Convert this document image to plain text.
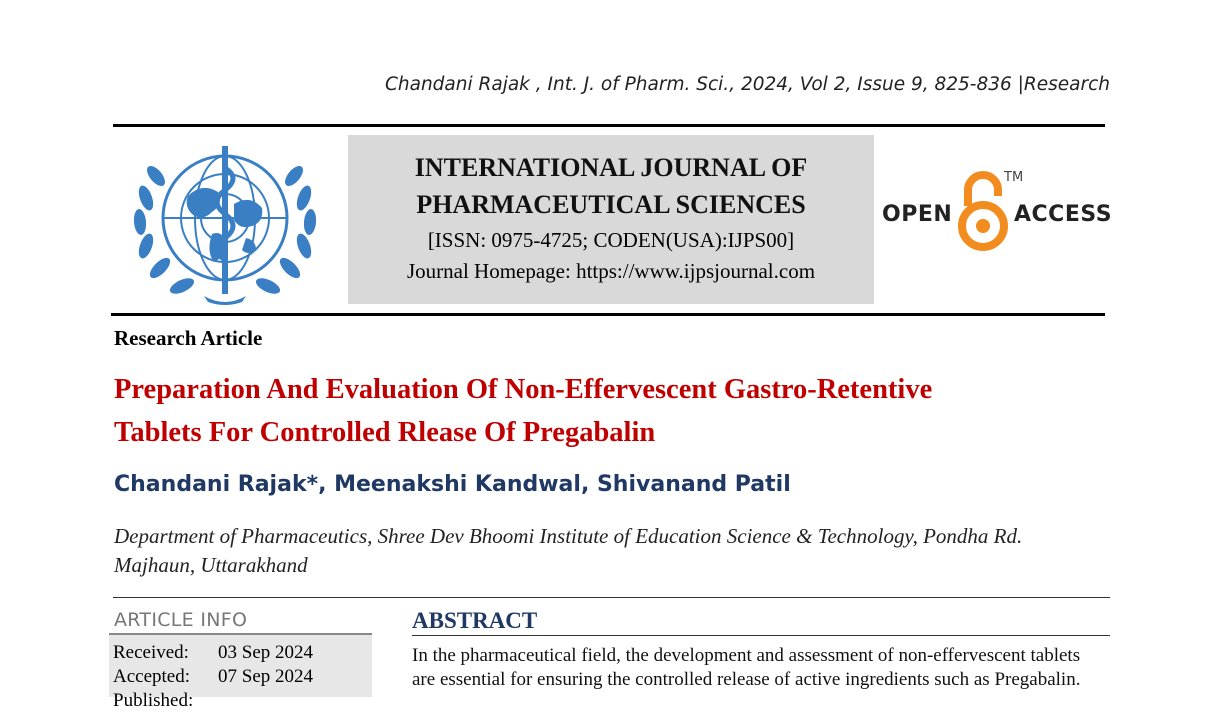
Chandani Rajak , Int. J. of Pharm. Sci., 2024, Vol 2, Issue 9, 825-836 |Research
INTERNATIONAL JOURNAL OF
PHARMACEUTICAL SCIENCES
[ISSN: 0975-4725; CODEN(USA):IJPS00]
Journal Homepage: https://www.ijpsjournal.com
OPEN
TM
ACCESS
Research Article
Preparation And Evaluation Of Non-Effervescent Gastro-Retentive
Tablets For Controlled Rlease Of Pregabalin
Chandani Rajak*, Meenakshi Kandwal, Shivanand Patil
Department of Pharmaceutics, Shree Dev Bhoomi Institute of Education Science & Technology, Pondha Rd.
Majhaun, Uttarakhand
ARTICLE INFO
Received: 03 Sep 2024
Accepted: 07 Sep 2024
Published:
ABSTRACT
In the pharmaceutical field, the development and assessment of non-effervescent tablets
are essential for ensuring the controlled release of active ingredients such as Pregabalin.
